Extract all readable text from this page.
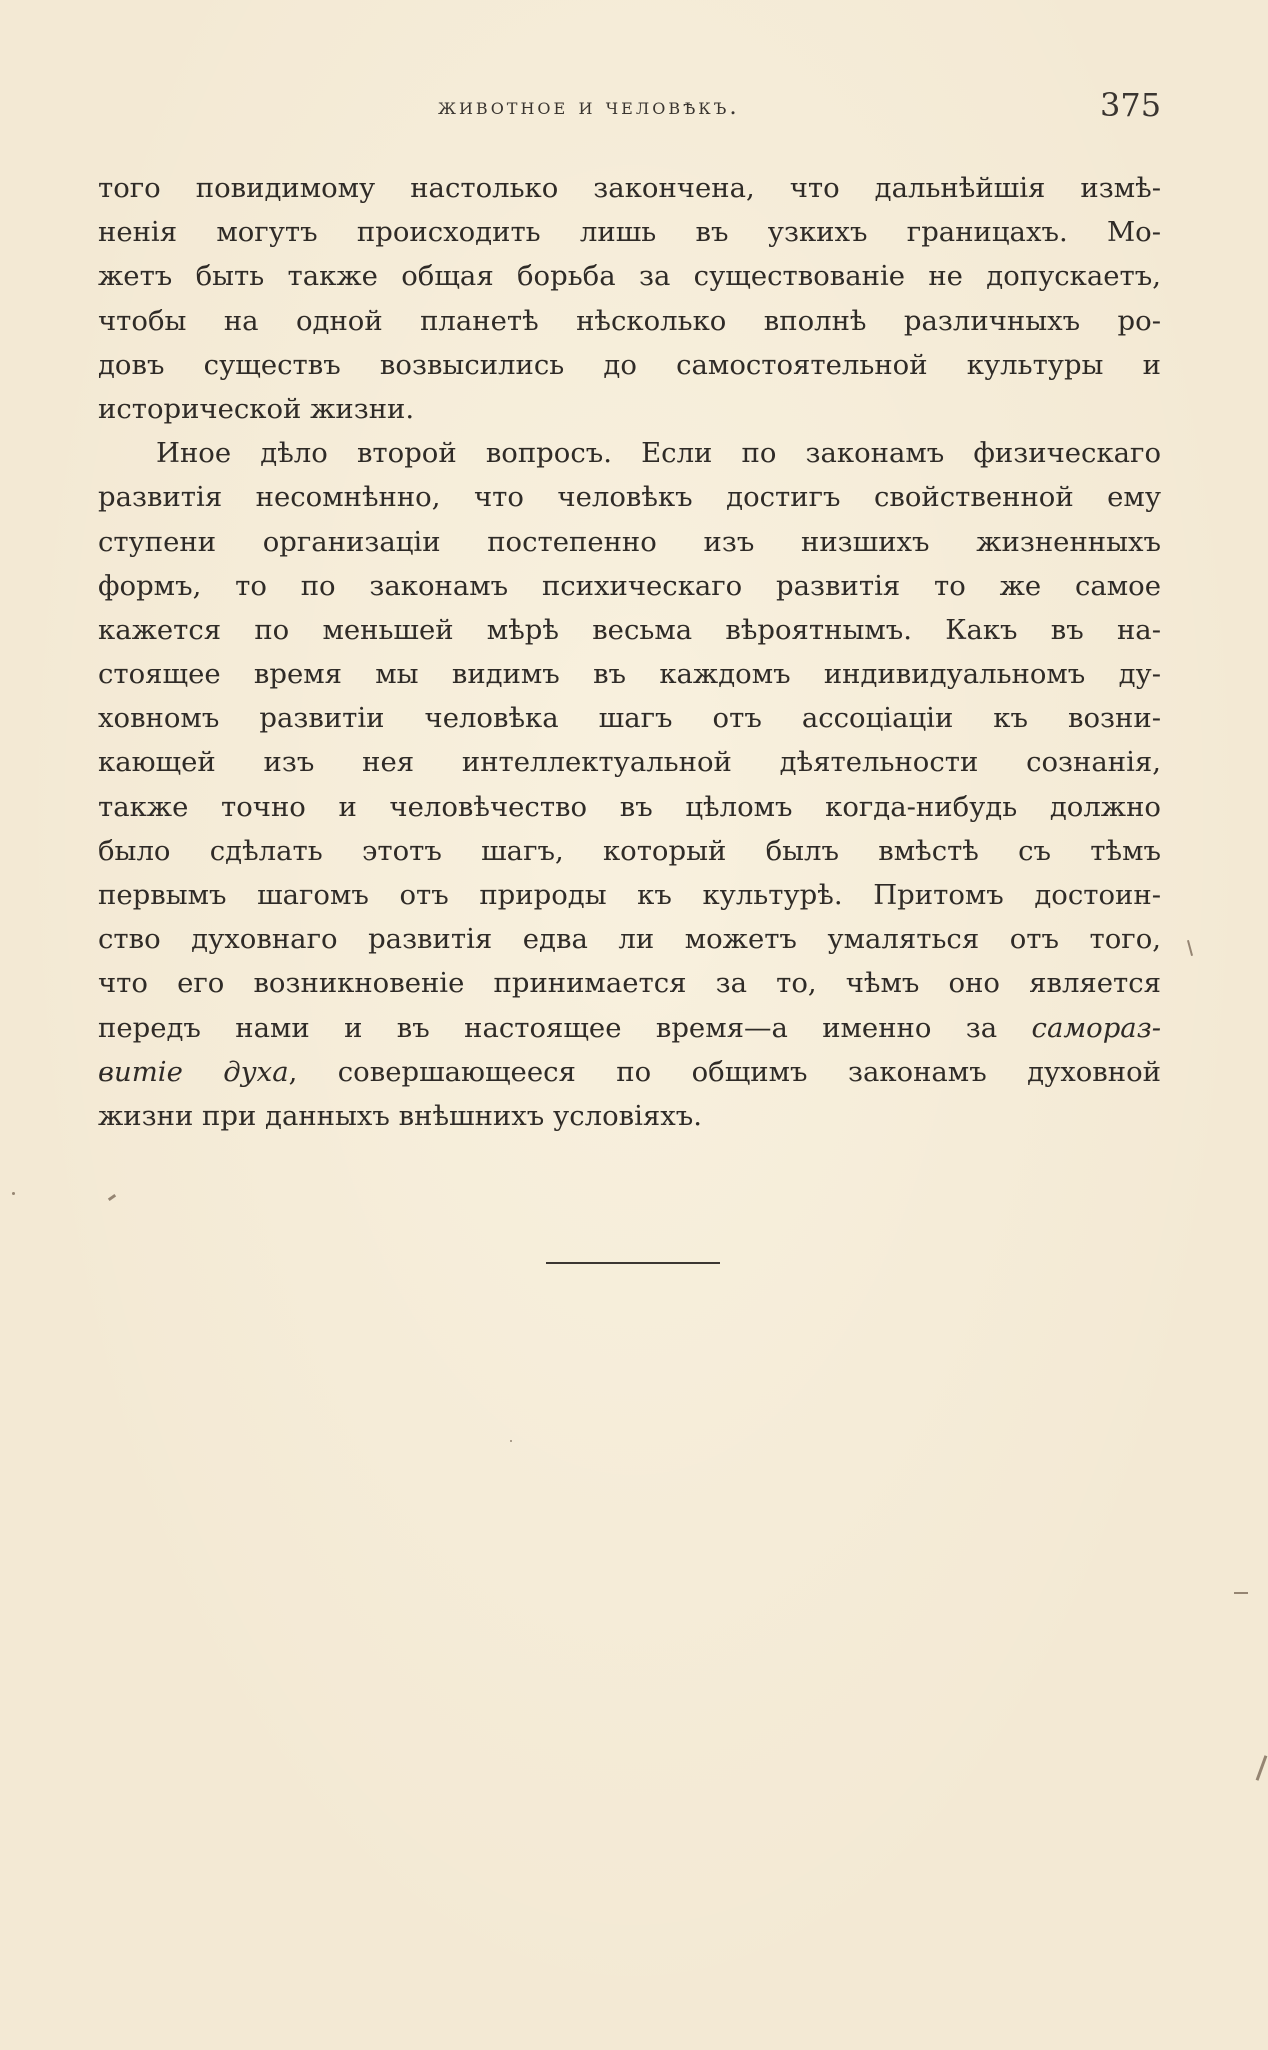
животное и человѣкъ.	375

того повидимому настолько закончена, что дальнѣйшія измѣ-
ненія могутъ происходить лишь въ узкихъ границахъ. Мо-
жетъ быть также общая борьба за существованіе не допускаетъ,
чтобы на одной планетѣ нѣсколько вполнѣ различныхъ ро-
довъ существъ возвысились до самостоятельной культуры и
исторической жизни.

Иное дѣло второй вопросъ. Если по законамъ физическаго
развитія несомнѣнно, что человѣкъ достигъ свойственной ему
ступени организаціи постепенно изъ низшихъ жизненныхъ
формъ, то по законамъ психическаго развитія то же самое
кажется по меньшей мѣрѣ весьма вѣроятнымъ. Какъ въ на-
стоящее время мы видимъ въ каждомъ индивидуальномъ ду-
ховномъ развитіи человѣка шагъ отъ ассоціаціи къ возни-
кающей изъ нея интеллектуальной дѣятельности сознанія,
также точно и человѣчество въ цѣломъ когда-нибудь должно
было сдѣлать этотъ шагъ, который былъ вмѣстѣ съ тѣмъ
первымъ шагомъ отъ природы къ культурѣ. Притомъ достоин-
ство духовнаго развитія едва ли можетъ умаляться отъ того,
что его возникновеніе принимается за то, чѣмъ оно является
передъ нами и въ настоящее время—а именно за самораз-
витіе духа, совершающееся по общимъ законамъ духовной
жизни при данныхъ внѣшнихъ условіяхъ.
